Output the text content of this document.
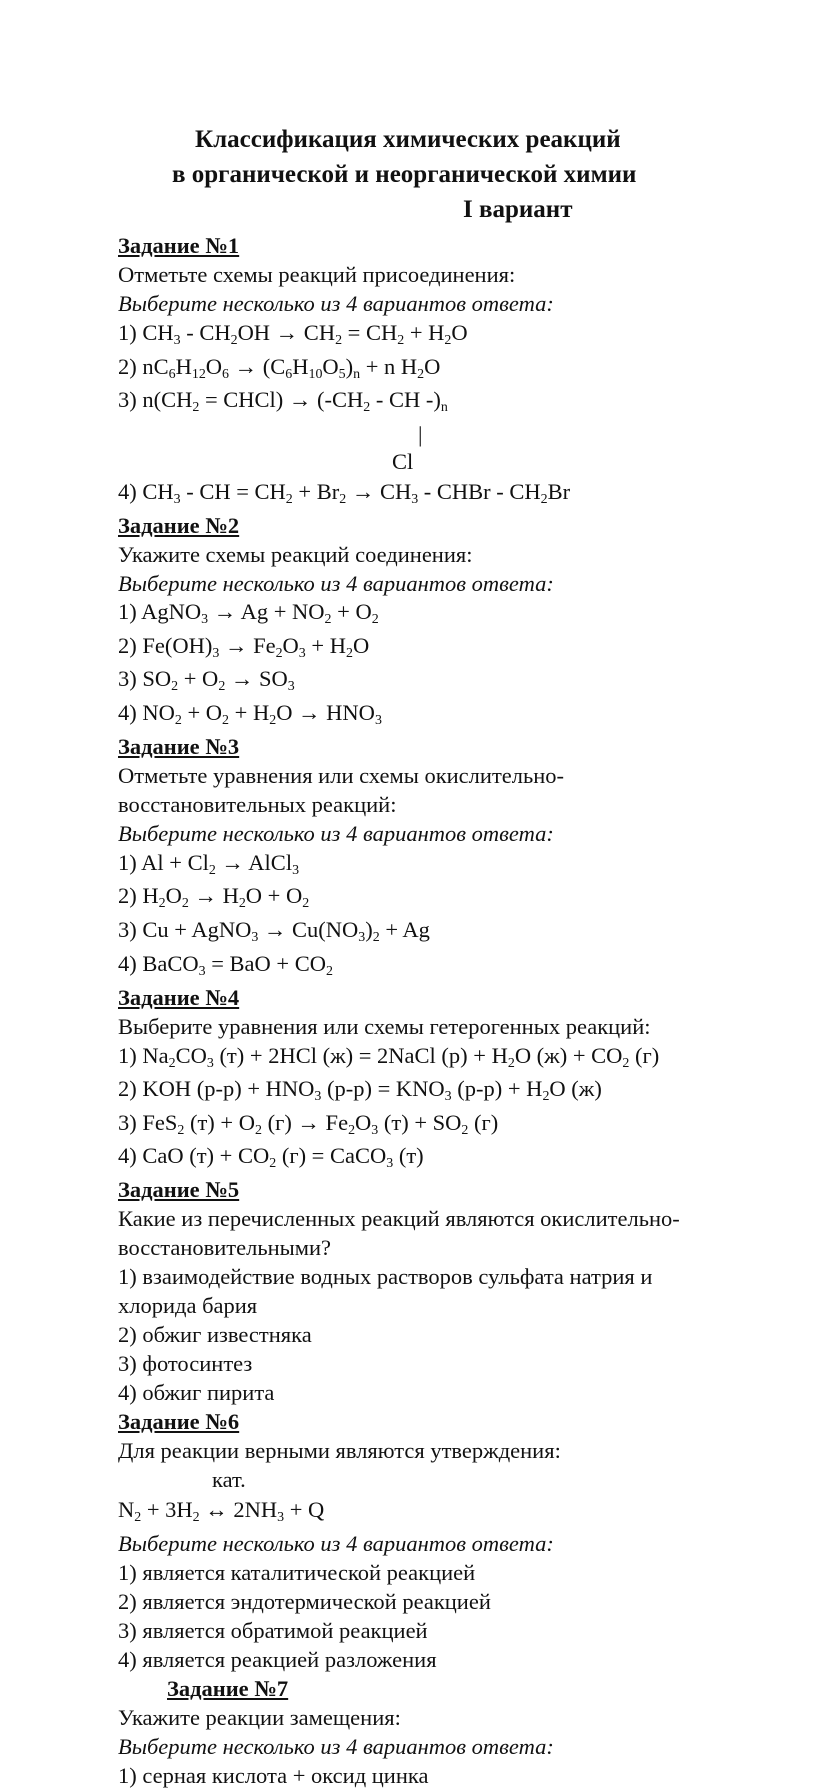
Классификация химических реакций
в органической и неорганической химии
I вариант
Задание №1
Отметьте схемы реакций присоединения:
Выберите несколько из 4 вариантов ответа:
1) $CH_3 - CH_2OH \to CH_2 = CH_2 + H_2O$
2) $nC_6H_{12}O_6 \to (C_6H_{10}O_5)_n + n$ $H_2O$
3) $n(CH_2$ = CHCl) → ($-CH_2$ - CH $-)_n$
|
Cl
4) $CH_3$ - CH = $CH_2 + Br_2 \to CH_3$ - CHBr - $CH_2Br$
Задание №2
Укажите схемы реакций соединения:
Выберите несколько из 4 вариантов ответа:
1) AgNO$_3$ → $Ag + NO_2 + O_2$
2) $Fe(OH)_3 \to Fe_2O_3 + H_2O$
3) $SO_2 + O_2 \to SO_3$
4) $NO_2 + O_2 + H_2O \to HNO_3$
Задание №3
Отметьте уравнения или схемы окислительно-
восстановительных реакций:
Выберите несколько из 4 вариантов ответа:
1) $Al + Cl_2$ → AlCl$_3$
2) $H_2O_2 \to H_2O + O_2$
3) Cu + AgNO$_3$ → $Cu(NO_3)_2 + Ag$
4) BaCO$_3$ = BaO + $CO_2$
Задание №4
Выберите уравнения или схемы гетерогенных реакций:
1) $Na_2CO_3$ (т) + 2HCl (ж) = 2NaCl $(р) + H_2O$ $(ж) + CO_2$ (г)
2) KOH $(р-р) + HNO_3$ $(р-р) = KNO_3$ $(р-р) + H_2O$ (ж)
3) FeS$_2$ $(т) + O_2$ $(г) \to Fe_2O_3$ $(т) + SO_2$ (г)
4) CaO $(т) + CO_2$ (г) = CaCO$_3$ (т)
Задание №5
Какие из перечисленных реакций являются окислительно-
восстановительными?
1) взаимодействие водных растворов сульфата натрия и
хлорида бария
2) обжиг известняка
3) фотосинтез
4) обжиг пирита
Задание №6
Для реакции верными являются утверждения:
кат.
$N_2 + 3H_2$ ↔ $2NH_3 + Q$
Выберите несколько из 4 вариантов ответа:
1) является каталитической реакцией
2) является эндотермической реакцией
3) является обратимой реакцией
4) является реакцией разложения
Задание №7
Укажите реакции замещения:
Выберите несколько из 4 вариантов ответа:
1) серная кислота + оксид цинка
